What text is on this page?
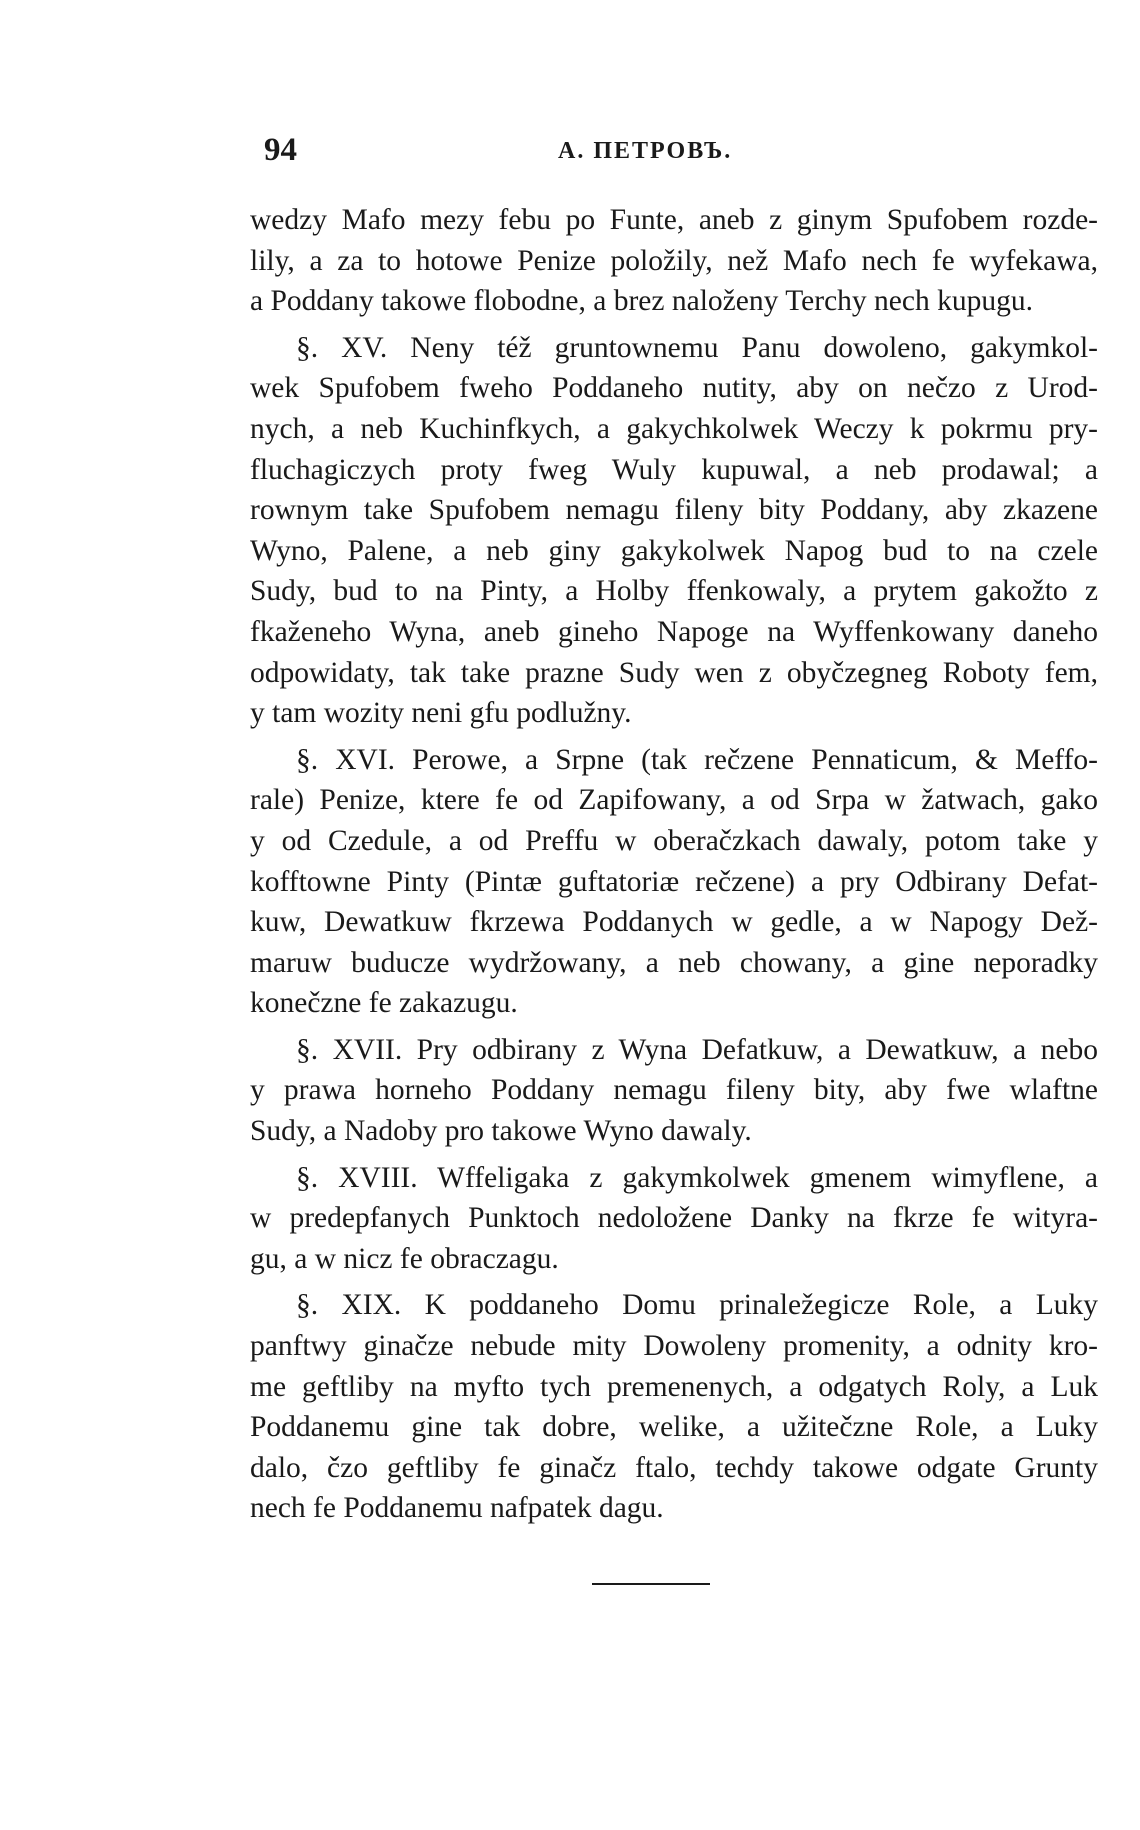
94	А. ПЕТРОВЪ.
wedzy Mafo mezy febu po Funte, aneb z ginym Spufobem rozde-
lily, a za to hotowe Penize položily, než Mafo nech fe wyfekawa,
a Poddany takowe flobodne, a brez naloženy Terchy nech kupugu.
§. XV. Neny též gruntownemu Panu dowoleno, gakymkol-
wek Spufobem fweho Poddaneho nutity, aby on nečzo z Urod-
nych, a neb Kuchinfkych, a gakychkolwek Weczy k pokrmu pry-
fluchagiczych proty fweg Wuly kupuwal, a neb prodawal; a
rownym take Spufobem nemagu fileny bity Poddany, aby zkazene
Wyno, Palene, a neb giny gakykolwek Napog bud to na czele
Sudy, bud to na Pinty, a Holby ffenkowaly, a prytem gakožto z
fkaženeho Wyna, aneb gineho Napoge na Wyffenkowany daneho
odpowidaty, tak take prazne Sudy wen z obyčzegneg Roboty fem,
y tam wozity neni gfu podlužny.
§. XVI. Perowe, a Srpne (tak rečzene Pennaticum, & Meffo-
rale) Penize, ktere fe od Zapifowany, a od Srpa w žatwach, gako
y od Czedule, a od Preffu w oberačzkach dawaly, potom take y
kofftowne Pinty (Pintæ guftatoriæ rečzene) a pry Odbirany Defat-
kuw, Dewatkuw fkrzewa Poddanych w gedle, a w Napogy Dež-
maruw buducze wydržowany, a neb chowany, a gine neporadky
konečzne fe zakazugu.
§. XVII. Pry odbirany z Wyna Defatkuw, a Dewatkuw, a nebo
y prawa horneho Poddany nemagu fileny bity, aby fwe wlaftne
Sudy, a Nadoby pro takowe Wyno dawaly.
§. XVIII. Wffeligaka z gakymkolwek gmenem wimyflene, a
w predepfanych Punktoch nedoložene Danky na fkrze fe wityra-
gu, a w nicz fe obraczagu.
§. XIX. K poddaneho Domu prinaležegicze Role, a Luky
panftwy ginačze nebude mity Dowoleny promenity, a odnity kro-
me geftliby na myfto tych premenenych, a odgatych Roly, a Luk
Poddanemu gine tak dobre, welike, a užitečzne Role, a Luky
dalo, čzo geftliby fe ginačz ftalo, techdy takowe odgate Grunty
nech fe Poddanemu nafpatek dagu.
